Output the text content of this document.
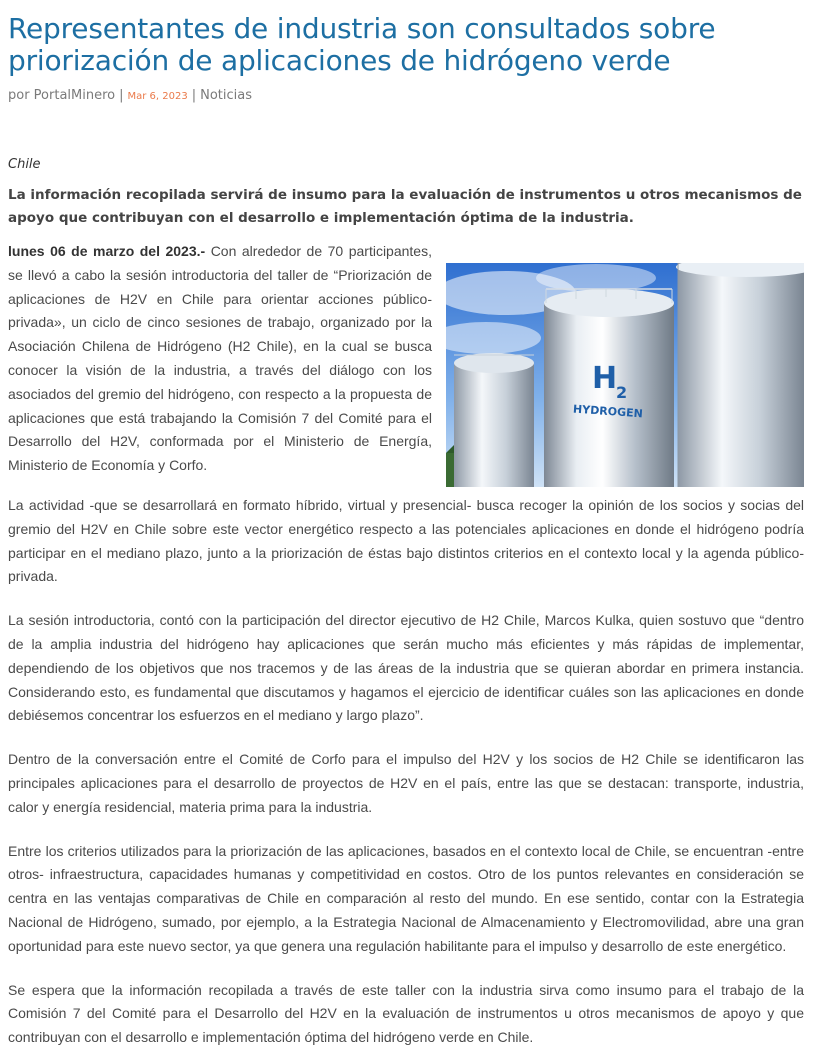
Representantes de industria son consultados sobre priorización de aplicaciones de hidrógeno verde
por PortalMinero | Mar 6, 2023 | Noticias
Chile
La información recopilada servirá de insumo para la evaluación de instrumentos u otros mecanismos de apoyo que contribuyan con el desarrollo e implementación óptima de la industria.

lunes 06 de marzo del 2023.- Con alrededor de 70 participantes, se llevó a cabo la sesión introductoria del taller de “Priorización de aplicaciones de H2V en Chile para orientar acciones público-privada», un ciclo de cinco sesiones de trabajo, organizado por la Asociación Chilena de Hidrógeno (H2 Chile), en la cual se busca conocer la visión de la industria, a través del diálogo con los asociados del gremio del hidrógeno, con respecto a la propuesta de aplicaciones que está trabajando la Comisión 7 del Comité para el Desarrollo del H2V, conformada por el Ministerio de Energía, Ministerio de Economía y Corfo.

H
2
HYDROGEN

La actividad -que se desarrollará en formato híbrido, virtual y presencial- busca recoger la opinión de los socios y socias del gremio del H2V en Chile sobre este vector energético respecto a las potenciales aplicaciones en donde el hidrógeno podría participar en el mediano plazo, junto a la priorización de éstas bajo distintos criterios en el contexto local y la agenda público-privada.

La sesión introductoria, contó con la participación del director ejecutivo de H2 Chile, Marcos Kulka, quien sostuvo que “dentro de la amplia industria del hidrógeno hay aplicaciones que serán mucho más eficientes y más rápidas de implementar, dependiendo de los objetivos que nos tracemos y de las áreas de la industria que se quieran abordar en primera instancia. Considerando esto, es fundamental que discutamos y hagamos el ejercicio de identificar cuáles son las aplicaciones en donde debiésemos concentrar los esfuerzos en el mediano y largo plazo”.

Dentro de la conversación entre el Comité de Corfo para el impulso del H2V y los socios de H2 Chile se identificaron las principales aplicaciones para el desarrollo de proyectos de H2V en el país, entre las que se destacan: transporte, industria, calor y energía residencial, materia prima para la industria.

Entre los criterios utilizados para la priorización de las aplicaciones, basados en el contexto local de Chile, se encuentran -entre otros- infraestructura, capacidades humanas y competitividad en costos. Otro de los puntos relevantes en consideración se centra en las ventajas comparativas de Chile en comparación al resto del mundo. En ese sentido, contar con la Estrategia Nacional de Hidrógeno, sumado, por ejemplo, a la Estrategia Nacional de Almacenamiento y Electromovilidad, abre una gran oportunidad para este nuevo sector, ya que genera una regulación habilitante para el impulso y desarrollo de este energético.

Se espera que la información recopilada a través de este taller con la industria sirva como insumo para el trabajo de la Comisión 7 del Comité para el Desarrollo del H2V en la evaluación de instrumentos u otros mecanismos de apoyo y que contribuyan con el desarrollo e implementación óptima del hidrógeno verde en Chile.
